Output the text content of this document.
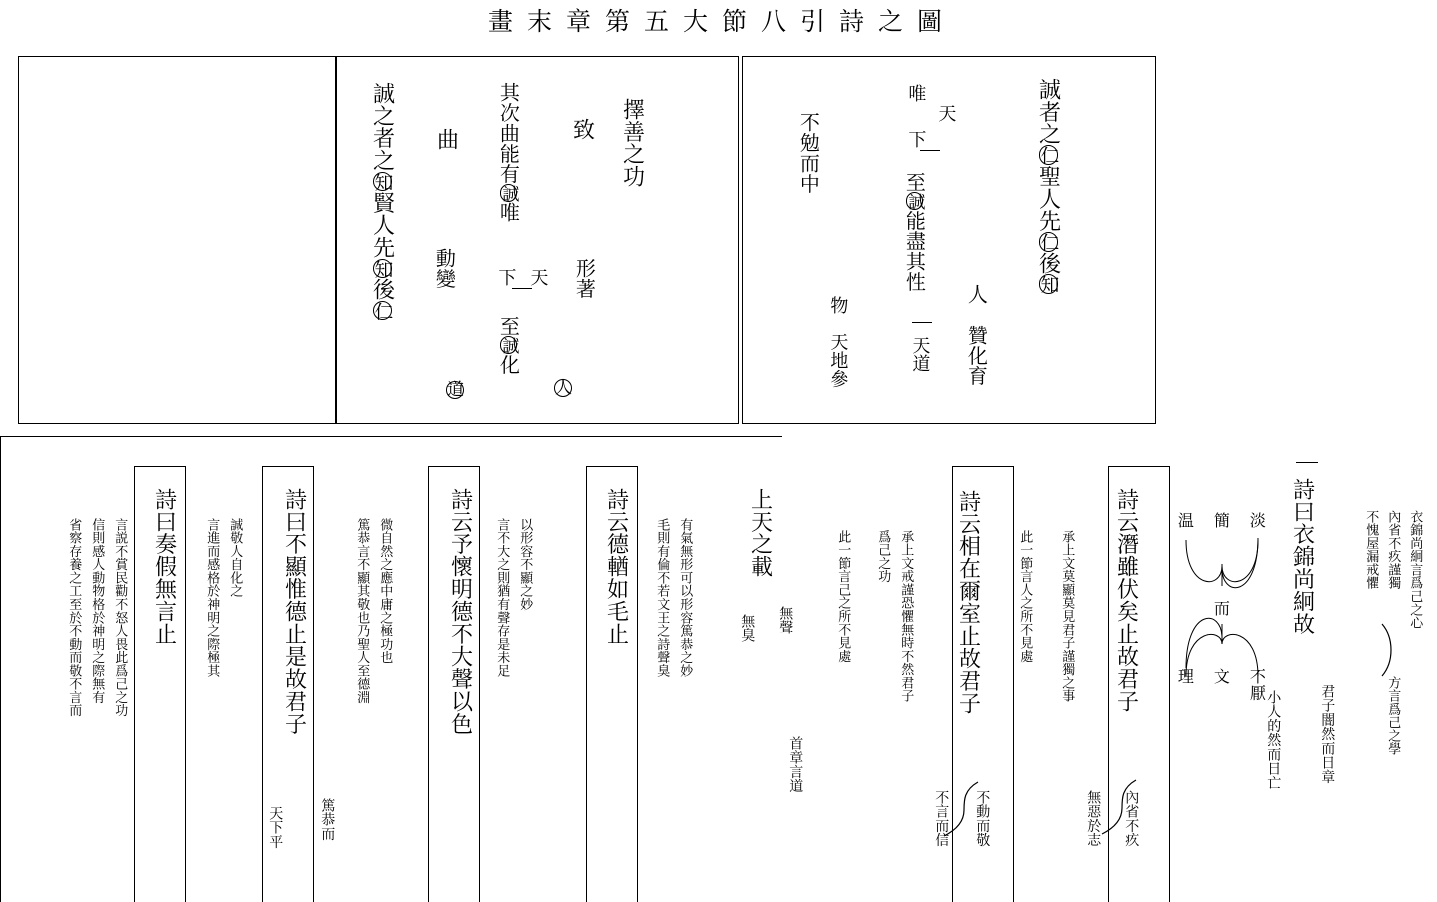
畫末章第五大節八引詩之圖
誠之者之知賢人先知後仁
其次曲能有誠唯
下 天
至誠化
曲
動變
道
致
形著
人
擇善之功	誠者之仁聖人先仁後知
人　贊化育
唯
天
下
至誠能盡其性
天道
不勉而中
物　天地參
詩曰奏假無言止
言説不賞民勸不怒人畏此爲己之功
信則感人動物格於神明之際無有
省察存養之工至於不動而敬不言而	言進而感格於神明之際極其 誠敬人自化之 詩曰不顯惟德止是故君子
天下平	篤恭而
微自然之應中庸之極功也
篤恭言不顯其敬也乃聖人至德淵	詩云予懷明德不大聲以色	以形容不顯之妙
言不大之則猶有聲存是未足	詩云德輶如毛止	有氣無形可以形容篤恭之妙
毛則有倫不若文王之詩聲臭	上天之載
無臭 無聲
首章言道
此一節言己之所不見處 爲己之功 承上文戒謹恐懼無時不然君子 詩云相在爾室止故君子
不言而信 不動而敬
此一節言人之所不見處 承上文莫顯莫見君子謹獨之事 詩云潛雖伏矣止故君子
內省不疚
無惡於志
詩曰衣錦尚絅故
小人的然而日亡	君子闇然而日章
衣錦尚絅言爲己之心
內省不疚謹獨
方言爲己之學
不愧屋漏戒懼
淡
不厭
簡
文
温
理
而
